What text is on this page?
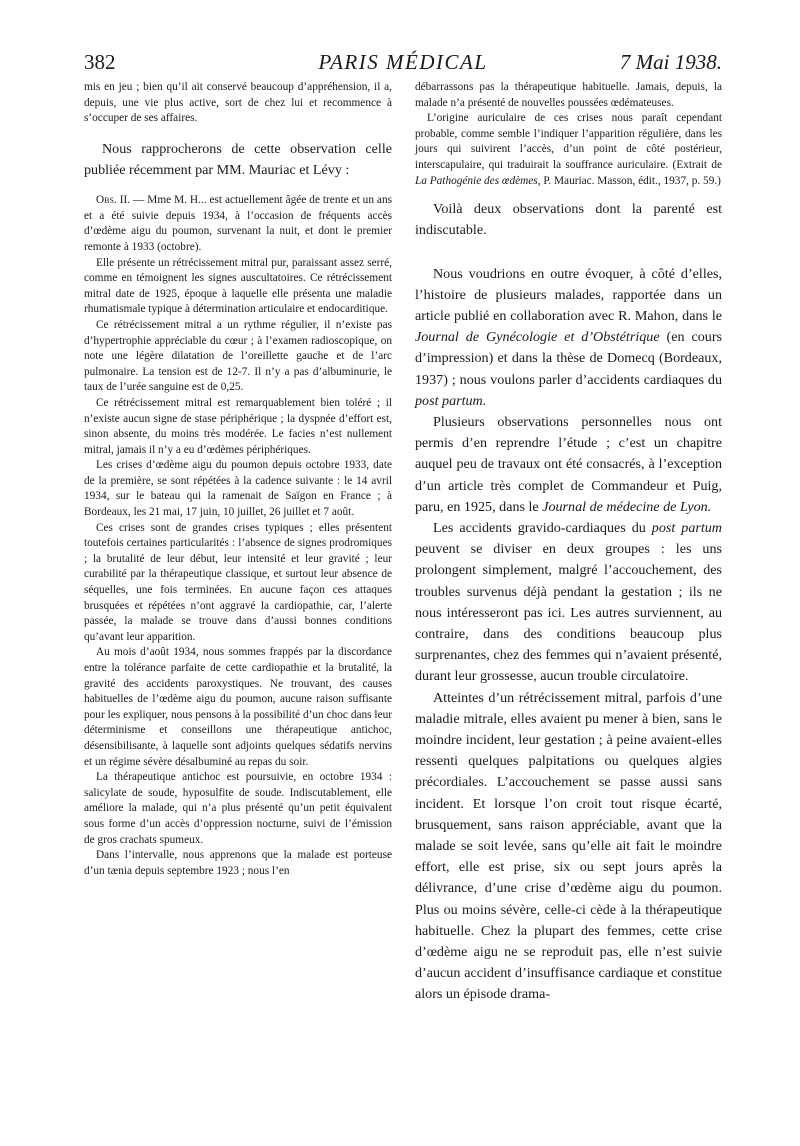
382	PARIS MÉDICAL	7 Mai 1938.

mis en jeu ; bien qu’il ait conservé beaucoup d’appréhension, il a, depuis, une vie plus active, sort de chez lui et recommence à s’occuper de ses affaires.

Nous rapprocherons de cette observation celle publiée récemment par MM. Mauriac et Lévy :

Obs. II. — Mme M. H... est actuellement âgée de trente et un ans et a été suivie depuis 1934, à l’occasion de fréquents accès d’œdème aigu du poumon, survenant la nuit, et dont le premier remonte à 1933 (octobre).

Elle présente un rétrécissement mitral pur, paraissant assez serré, comme en témoignent les signes auscultatoires. Ce rétrécissement mitral date de 1925, époque à laquelle elle présenta une maladie rhumatismale typique à détermination articulaire et endocarditique.

Ce rétrécissement mitral a un rythme régulier, il n’existe pas d’hypertrophie appréciable du cœur ; à l’examen radioscopique, on note une légère dilatation de l’oreillette gauche et de l’arc pulmonaire. La tension est de 12-7. Il n’y a pas d’albuminurie, le taux de l’urée sanguine est de 0,25.

Ce rétrécissement mitral est remarquablement bien toléré ; il n’existe aucun signe de stase périphérique ; la dyspnée d’effort est, sinon absente, du moins très modérée. Le facies n’est nullement mitral, jamais il n’y a eu d’œdèmes périphériques.

Les crises d’œdème aigu du poumon depuis octobre 1933, date de la première, se sont répétées à la cadence suivante : le 14 avril 1934, sur le bateau qui la ramenait de Saïgon en France ; à Bordeaux, les 21 mai, 17 juin, 10 juillet, 26 juillet et 7 août.

Ces crises sont de grandes crises typiques ; elles présentent toutefois certaines particularités : l’absence de signes prodromiques ; la brutalité de leur début, leur intensité et leur gravité ; leur curabilité par la thérapeutique classique, et surtout leur absence de séquelles, une fois terminées. En aucune façon ces attaques brusquées et répétées n’ont aggravé la cardiopathie, car, l’alerte passée, la malade se trouve dans d’aussi bonnes conditions qu’avant leur apparition.

Au mois d’août 1934, nous sommes frappés par la discordance entre la tolérance parfaite de cette cardiopathie et la brutalité, la gravité des accidents paroxystiques. Ne trouvant, des causes habituelles de l’œdème aigu du poumon, aucune raison suffisante pour les expliquer, nous pensons à la possibilité d’un choc dans leur déterminisme et conseillons une thérapeutique antichoc, désensibilisante, à laquelle sont adjoints quelques sédatifs nervins et un régime sévère désalbuminé au repas du soir.

La thérapeutique antichoc est poursuivie, en octobre 1934 : salicylate de soude, hyposulfite de soude. Indiscutablement, elle améliore la malade, qui n’a plus présenté qu’un petit équivalent sous forme d’un accès d’oppression nocturne, suivi de l’émission de gros crachats spumeux.

Dans l’intervalle, nous apprenons que la malade est porteuse d’un tænia depuis septembre 1923 ; nous l’en

débarrassons pas la thérapeutique habituelle. Jamais, depuis, la malade n’a présenté de nouvelles poussées œdémateuses.

L’origine auriculaire de ces crises nous paraît cependant probable, comme semble l’indiquer l’apparition régulière, dans les jours qui suivirent l’accès, d’un point de côté postérieur, interscapulaire, qui traduirait la souffrance auriculaire. (Extrait de La Pathogénie des œdèmes, P. Mauriac. Masson, édit., 1937, p. 59.)

Voilà deux observations dont la parenté est indiscutable.

Nous voudrions en outre évoquer, à côté d’elles, l’histoire de plusieurs malades, rapportée dans un article publié en collaboration avec R. Mahon, dans le Journal de Gynécologie et d’Obstétrique (en cours d’impression) et dans la thèse de Domecq (Bordeaux, 1937) ; nous voulons parler d’accidents cardiaques du post partum.

Plusieurs observations personnelles nous ont permis d’en reprendre l’étude ; c’est un chapitre auquel peu de travaux ont été consacrés, à l’exception d’un article très complet de Commandeur et Puig, paru, en 1925, dans le Journal de médecine de Lyon.

Les accidents gravido-cardiaques du post partum peuvent se diviser en deux groupes : les uns prolongent simplement, malgré l’accouchement, des troubles survenus déjà pendant la gestation ; ils ne nous intéresseront pas ici. Les autres surviennent, au contraire, dans des conditions beaucoup plus surprenantes, chez des femmes qui n’avaient présenté, durant leur grossesse, aucun trouble circulatoire.

Atteintes d’un rétrécissement mitral, parfois d’une maladie mitrale, elles avaient pu mener à bien, sans le moindre incident, leur gestation ; à peine avaient-elles ressenti quelques palpitations ou quelques algies précordiales. L’accouchement se passe aussi sans incident. Et lorsque l’on croit tout risque écarté, brusquement, sans raison appréciable, avant que la malade se soit levée, sans qu’elle ait fait le moindre effort, elle est prise, six ou sept jours après la délivrance, d’une crise d’œdème aigu du poumon. Plus ou moins sévère, celle-ci cède à la thérapeutique habituelle. Chez la plupart des femmes, cette crise d’œdème aigu ne se reproduit pas, elle n’est suivie d’aucun accident d’insuffisance cardiaque et constitue alors un épisode drama-
